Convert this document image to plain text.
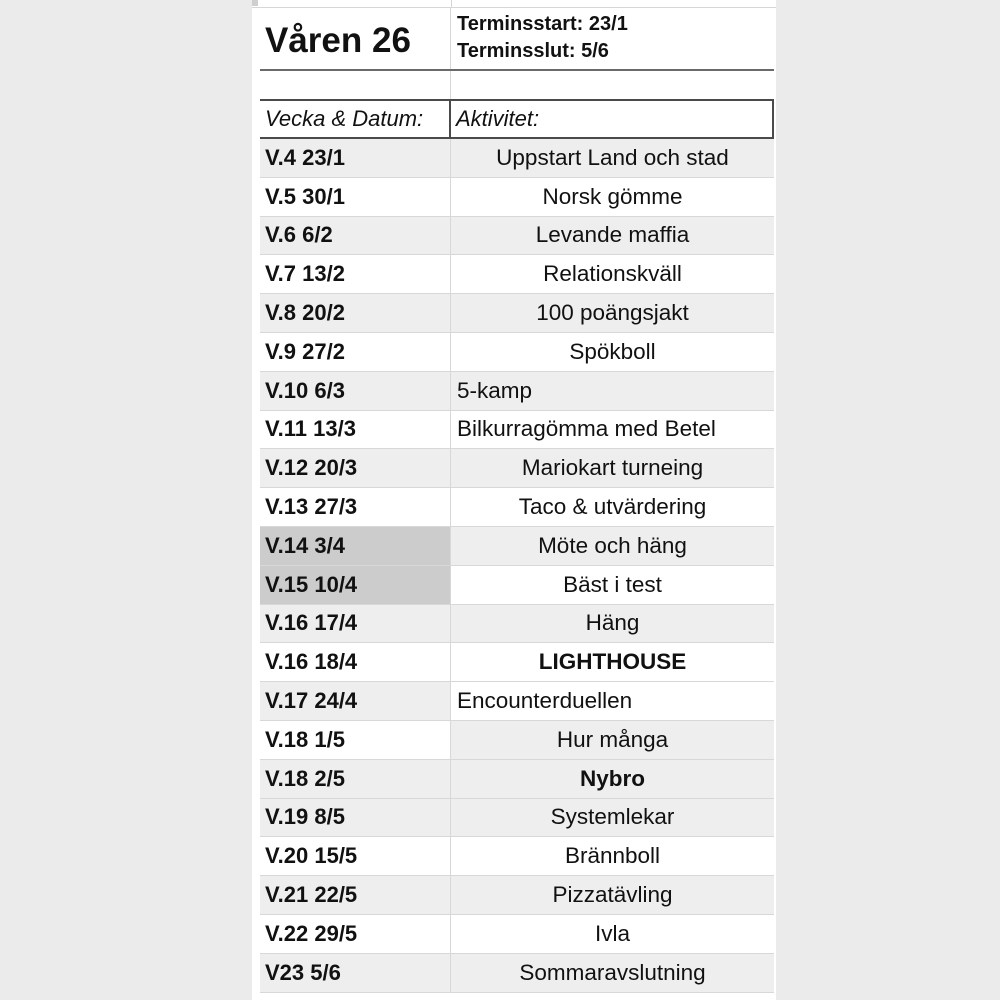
Våren 26	Terminsstart: 23/1
Terminsslut: 5/6
Vecka & Datum:	Aktivitet:
V.4 23/1	Uppstart Land och stad
V.5 30/1	Norsk gömme
V.6 6/2	Levande maffia
V.7 13/2	Relationskväll
V.8 20/2	100 poängsjakt
V.9 27/2	Spökboll
V.10 6/3	5-kamp
V.11 13/3	Bilkurragömma med Betel
V.12 20/3	Mariokart turneing
V.13 27/3	Taco & utvärdering
V.14 3/4	Möte och häng
V.15 10/4	Bäst i test
V.16 17/4	Häng
V.16 18/4	LIGHTHOUSE
V.17 24/4	Encounterduellen
V.18 1/5	Hur många
V.18 2/5	Nybro
V.19 8/5	Systemlekar
V.20 15/5	Brännboll
V.21 22/5	Pizzatävling
V.22 29/5	Ivla
V23 5/6	Sommaravslutning
